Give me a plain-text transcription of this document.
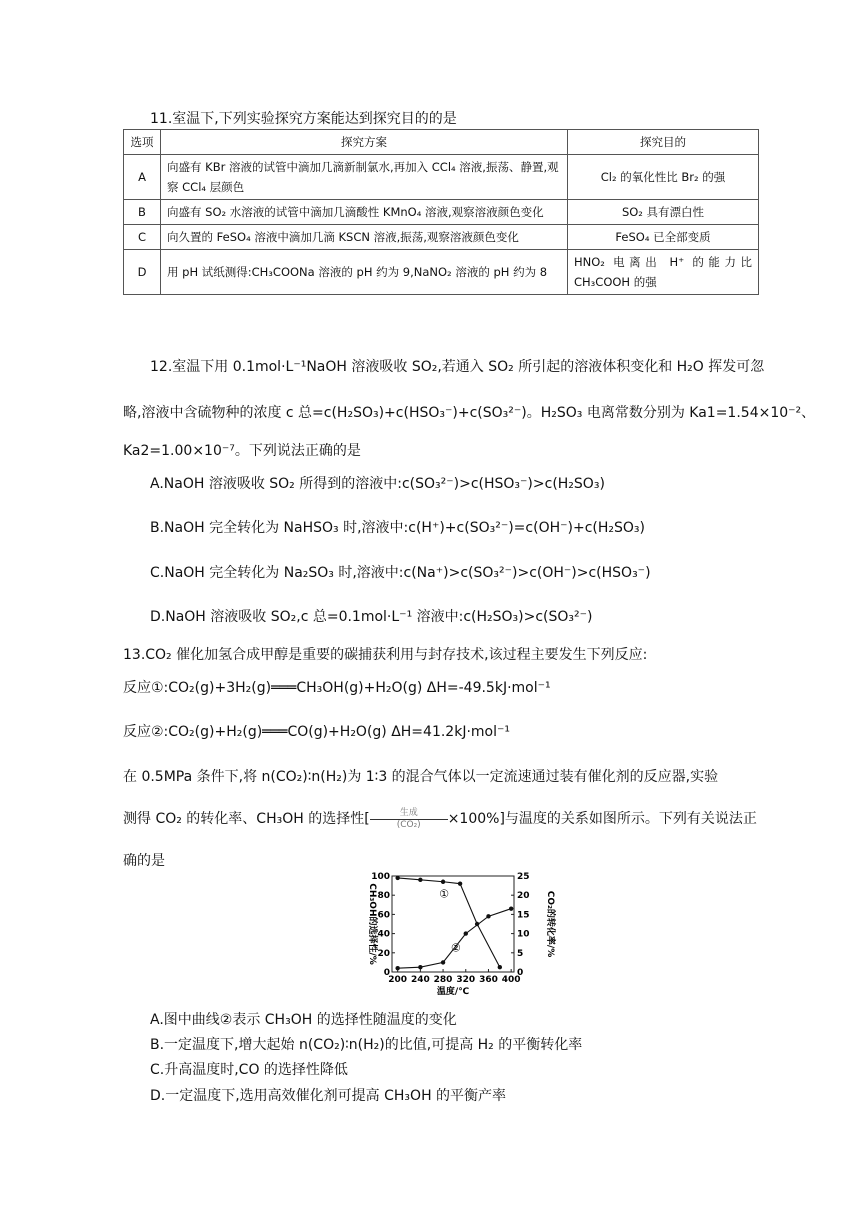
11.室温下,下列实验探究方案能达到探究目的的是
选项	探究方案	探究目的
A	向盛有 KBr 溶液的试管中滴加几滴新制氯水,再加入 CCl₄ 溶液,振荡、静置,观察 CCl₄ 层颜色	Cl₂ 的氧化性比 Br₂ 的强
B	向盛有 SO₂ 水溶液的试管中滴加几滴酸性 KMnO₄ 溶液,观察溶液颜色变化	SO₂ 具有漂白性
C	向久置的 FeSO₄ 溶液中滴加几滴 KSCN 溶液,振荡,观察溶液颜色变化	FeSO₄ 已全部变质
D	用 pH 试纸测得:CH₃COONa 溶液的 pH 约为 9,NaNO₂ 溶液的 pH 约为 8	HNO₂ 电离出 H⁺ 的能力比 CH₃COOH 的强
12.室温下用 0.1mol·L⁻¹NaOH 溶液吸收 SO₂,若通入 SO₂ 所引起的溶液体积变化和 H₂O 挥发可忽
略,溶液中含硫物种的浓度 c 总=c(H₂SO₃)+c(HSO₃⁻)+c(SO₃²⁻)。H₂SO₃ 电离常数分别为 Ka1=1.54×10⁻²、
Ka2=1.00×10⁻⁷。下列说法正确的是
A.NaOH 溶液吸收 SO₂ 所得到的溶液中:c(SO₃²⁻)>c(HSO₃⁻)>c(H₂SO₃)
B.NaOH 完全转化为 NaHSO₃ 时,溶液中:c(H⁺)+c(SO₃²⁻)=c(OH⁻)+c(H₂SO₃)
C.NaOH 完全转化为 Na₂SO₃ 时,溶液中:c(Na⁺)>c(SO₃²⁻)>c(OH⁻)>c(HSO₃⁻)
D.NaOH 溶液吸收 SO₂,c 总=0.1mol·L⁻¹ 溶液中:c(H₂SO₃)>c(SO₃²⁻)
13.CO₂ 催化加氢合成甲醇是重要的碳捕获利用与封存技术,该过程主要发生下列反应:
反应①:CO₂(g)+3H₂(g)═══CH₃OH(g)+H₂O(g) ΔH=-49.5kJ·mol⁻¹
反应②:CO₂(g)+H₂(g)═══CO(g)+H₂O(g) ΔH=41.2kJ·mol⁻¹
在 0.5MPa 条件下,将 n(CO₂)∶n(H₂)为 1∶3 的混合气体以一定流速通过装有催化剂的反应器,实验
测得 CO₂ 的转化率、CH₃OH 的选择性[ $\frac{\text{生成}}{\text{(CO₂)}} \times 100\%$]与温度的关系如图所示。下列有关说法正
确的是
200 240 280 320 360 400
0
20
40
60
80
100
0
5
10
15
20
25
温度/℃
CH₃OH的选择性/%	CO₂的转化率/%
①
②
A.图中曲线②表示 CH₃OH 的选择性随温度的变化
B.一定温度下,增大起始 n(CO₂)∶n(H₂)的比值,可提高 H₂ 的平衡转化率
C.升高温度时,CO 的选择性降低
D.一定温度下,选用高效催化剂可提高 CH₃OH 的平衡产率
